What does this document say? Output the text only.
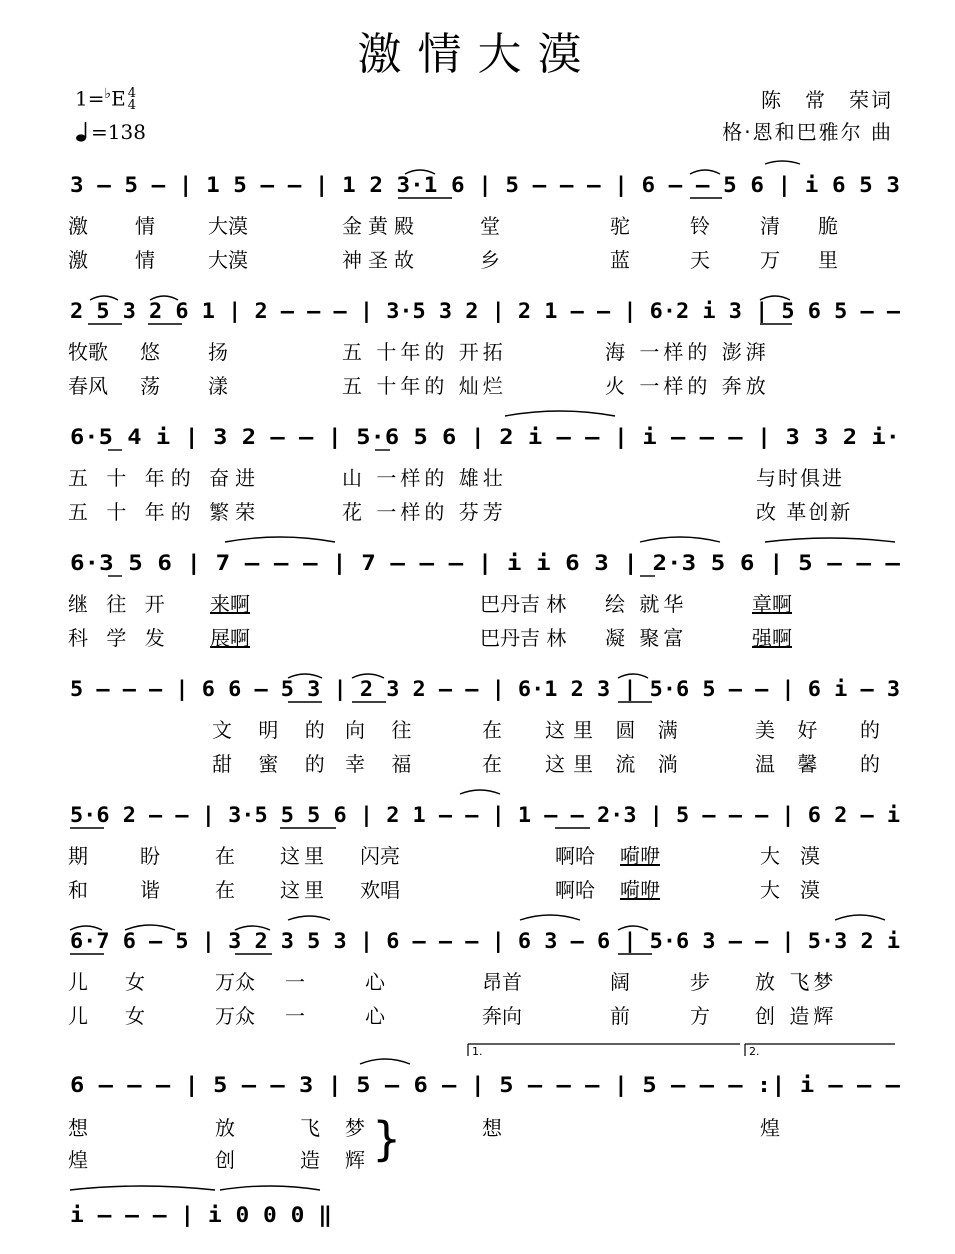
激情大漠
1=♭E 4
4
=138
陈　常　荣词
格·恩和巴雅尔 曲
3 – 5 – | 1 5 – – | 1 2 3·1 6 | 5 – – – | 6 – – 5 6 | i 6 5 3
激 情	大漠	金黄殿	堂	驼	铃	清 脆
激 情	大漠	神圣故	乡	蓝	天	万 里
2 5 3 2 6 1 | 2 – – – | 3·5 3 2 | 2 1 – – | 6·2 i 3 | 5 6 5 – –
牧歌 悠 扬	五 十年的 开拓	海 一样的 澎湃
春风 荡 漾	五 十年的 灿烂	火 一样的 奔放
6·5 4 i | 3 2 – – | 5·6 5 6 | 2 i – – | i – – – | 3 3 2 i·
五 十 年的 奋进	山 一样的 雄壮	与时俱进
五 十 年的 繁荣	花 一样的 芬芳	改 革创新
6·3 5 6 | 7 – – – | 7 – – – | i i 6 3 | 2·3 5 6 | 5 – – –
继 往 开 来啊	巴丹吉 林 绘 就华	章啊
科 学 发 展啊	巴丹吉 林 凝 聚富	强啊
5 – – – | 6 6 – 5 3 | 2 3 2 – – | 6·1 2 3 | 5·6 5 – – | 6 i – 3
文 明 的 向 往	在 这里 圆 满	美 好 的
甜 蜜 的 幸 福	在 这里 流 淌	温 馨 的
5·6 2 – – | 3·5 5 5 6 | 2 1 – – | 1 – – 2·3 | 5 – – – | 6 2 – i
期	盼	在 这里 闪亮	啊哈 嗬咿	大 漠
和	谐	在 这里 欢唱	啊哈 嗬咿	大 漠
6·7 6 – 5 | 3 2 3 5 3 | 6 – – – | 6 3 – 6 | 5·6 3 – – | 5·3 2 i
儿 女	万众 一	心	昂首	阔	步 放 飞梦
儿 女	万众 一	心	奔向	前	方 创 造辉
1.	2.
6 – – – | 5 – – 3 | 5 – 6 – | 5 – – – | 5 – – – :| i – – –
想	放	飞 梦	想	煌
煌	创	造 辉 }
i – – – | i 0 0 0 ‖
